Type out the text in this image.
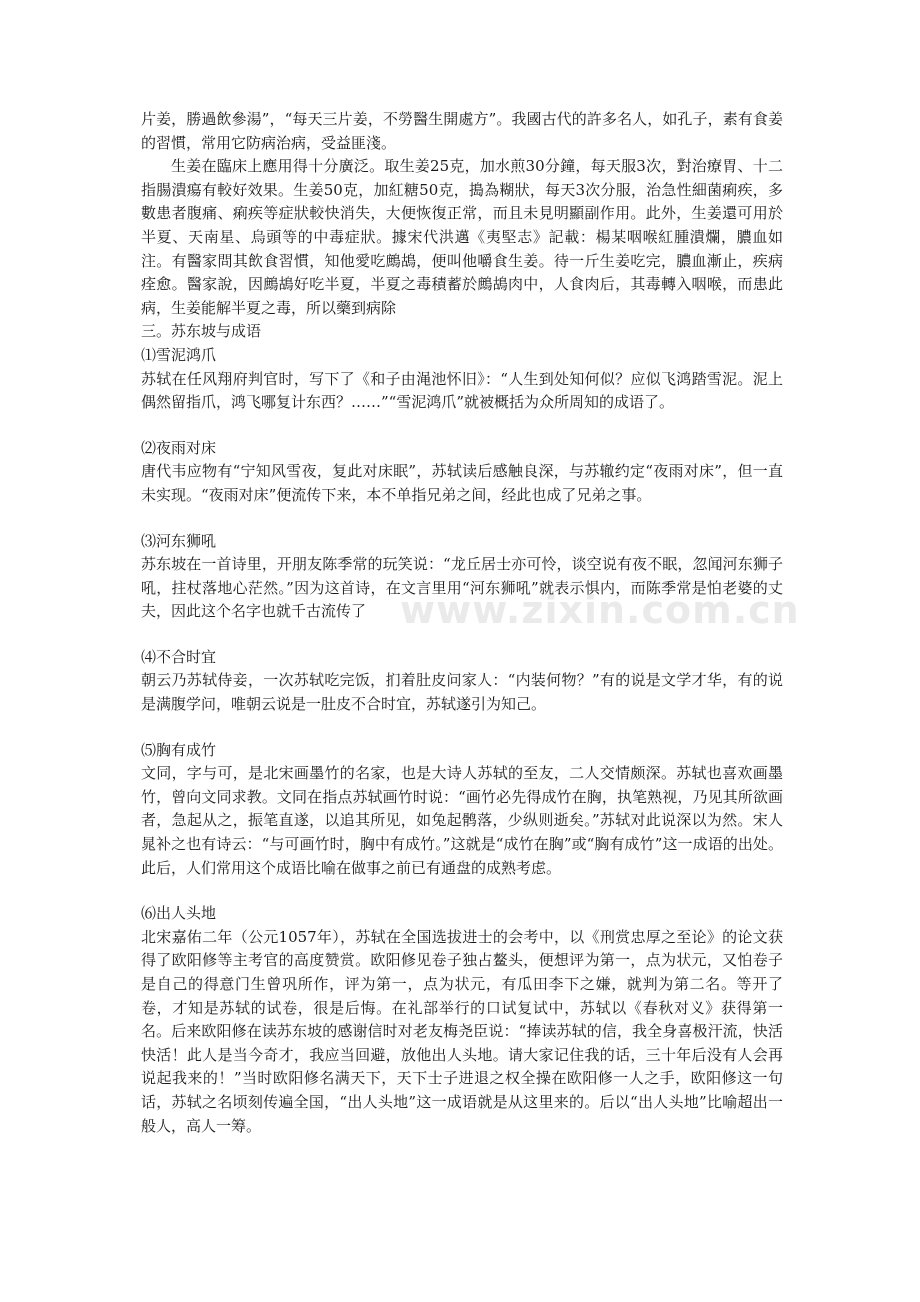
www.zixin.com.cn

片姜，勝過飲參湯”，“每天三片姜，不勞醫生開處方”。我國古代的許多名人，如孔子，素有食姜的習慣，常用它防病治病，受益匪淺。

生姜在臨床上應用得十分廣泛。取生姜25克，加水煎30分鐘，每天服3次，對治療胃、十二指腸潰瘍有較好效果。生姜50克，加紅糖50克，搗為糊狀，每天3次分服，治急性細菌痢疾，多數患者腹痛、痢疾等症狀較快消失，大便恢復正常，而且未見明顯副作用。此外，生姜還可用於半夏、天南星、烏頭等的中毒症狀。據宋代洪邁《夷堅志》記載：楊某咽喉紅腫潰爛，膿血如注。有醫家問其飲食習慣，知他愛吃鷓鴣，便叫他嚼食生姜。待一斤生姜吃完，膿血漸止，疾病痊愈。醫家說，因鷓鴣好吃半夏，半夏之毒積蓄於鷓鴣肉中，人食肉后，其毒轉入咽喉，而患此病，生姜能解半夏之毒，所以藥到病除

三。苏东坡与成语

⑴雪泥鸿爪

苏轼在任风翔府判官时，写下了《和子由渑池怀旧》：“人生到处知何似？应似飞鸿踏雪泥。泥上偶然留指爪，鸿飞哪复计东西？……”“雪泥鸿爪”就被概括为众所周知的成语了。

⑵夜雨对床

唐代韦应物有“宁知风雪夜，复此对床眠”，苏轼读后感触良深，与苏辙约定“夜雨对床”，但一直未实现。“夜雨对床”便流传下来，本不单指兄弟之间，经此也成了兄弟之事。

⑶河东狮吼

苏东坡在一首诗里，开朋友陈季常的玩笑说：“龙丘居士亦可怜，谈空说有夜不眠，忽闻河东狮子吼，拄杖落地心茫然。”因为这首诗，在文言里用“河东狮吼”就表示惧内，而陈季常是怕老婆的丈夫，因此这个名字也就千古流传了

⑷不合时宜

朝云乃苏轼侍妾，一次苏轼吃完饭，扪着肚皮问家人：“内装何物？”有的说是文学才华，有的说是满腹学问，唯朝云说是一肚皮不合时宜，苏轼遂引为知己。

⑸胸有成竹

文同，字与可，是北宋画墨竹的名家，也是大诗人苏轼的至友，二人交情颇深。苏轼也喜欢画墨竹，曾向文同求教。文同在指点苏轼画竹时说：“画竹必先得成竹在胸，执笔熟视，乃见其所欲画者，急起从之，振笔直遂，以追其所见，如兔起鹘落，少纵则逝矣。”苏轼对此说深以为然。宋人晁补之也有诗云：“与可画竹时，胸中有成竹。”这就是“成竹在胸”或“胸有成竹”这一成语的出处。此后，人们常用这个成语比喻在做事之前已有通盘的成熟考虑。

⑹出人头地

北宋嘉佑二年（公元1057年），苏轼在全国选拔进士的会考中，以《刑赏忠厚之至论》的论文获得了欧阳修等主考官的高度赞赏。欧阳修见卷子独占鳌头，便想评为第一，点为状元，又怕卷子是自己的得意门生曾巩所作，评为第一，点为状元，有瓜田李下之嫌，就判为第二名。等开了卷，才知是苏轼的试卷，很是后悔。在礼部举行的口试复试中，苏轼以《春秋对义》获得第一名。后来欧阳修在读苏东坡的感谢信时对老友梅尧臣说：“捧读苏轼的信，我全身喜极汗流，快活快活！此人是当今奇才，我应当回避，放他出人头地。请大家记住我的话，三十年后没有人会再说起我来的！”当时欧阳修名满天下，天下士子进退之权全操在欧阳修一人之手，欧阳修这一句话，苏轼之名顷刻传遍全国，“出人头地”这一成语就是从这里来的。后以“出人头地”比喻超出一般人，高人一筹。
